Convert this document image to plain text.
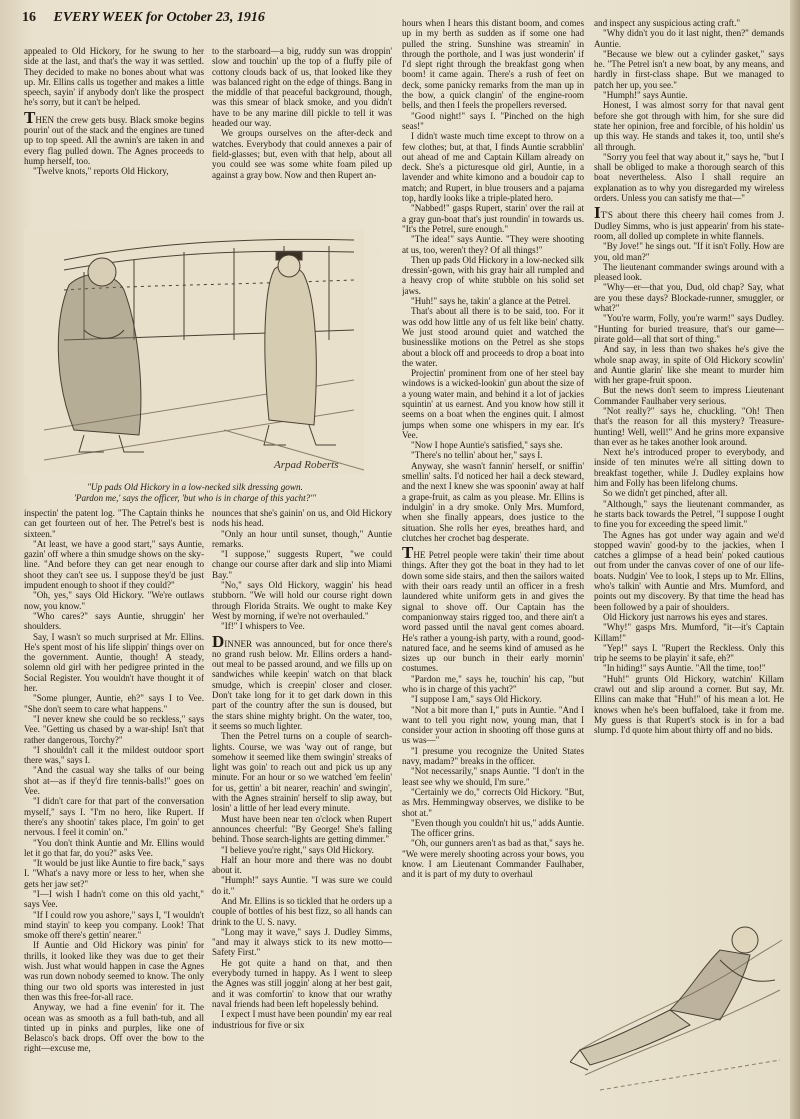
16 EVERY WEEK for October 23, 1916

appealed to Old Hickory, for he swung to her side at the last, and that's the way it was settled. They decided to make no bones about what was up. Mr. Ellins calls us together and makes a little speech, sayin' if anybody don't like the prospect he's sorry, but it can't be helped.

THEN the crew gets busy. Black smoke begins pourin' out of the stack and the engines are tuned up to top speed. All the awnin's are taken in and every flag pulled down. The Agnes proceeds to hump herself, too.

"Twelve knots," reports Old Hickory,

to the starboard—a big, ruddy sun was droppin' slow and touchin' up the top of a fluffy pile of cottony clouds back of us, that looked like they was balanced right on the edge of things. Bang in the middle of that peaceful background, though, was this smear of black smoke, and you didn't have to be any marine dill pickle to tell it was headed our way.

We groups ourselves on the after-deck and watches. Everybody that could annexes a pair of field-glasses; but, even with that help, about all you could see was some white foam piled up against a gray bow. Now and then Rupert an-

Arpad Roberts
"Up pads Old Hickory in a low-necked silk dressing gown.
'Pardon me,' says the officer, 'but who is in charge of this yacht?'"

inspectin' the patent log. "The Captain thinks he can get fourteen out of her. The Petrel's best is sixteen."

"At least, we have a good start," says Auntie, gazin' off where a thin smudge shows on the sky-line. "And before they can get near enough to shoot they can't see us. I suppose they'd be just impudent enough to shoot if they could?"

"Oh, yes," says Old Hickory. "We're outlaws now, you know."

"Who cares?" says Auntie, shruggin' her shoulders.

Say, I wasn't so much surprised at Mr. Ellins. He's spent most of his life slippin' things over on the government. Auntie, though! A steady, solemn old girl with her pedigree printed in the Social Register. You wouldn't have thought it of her.

"Some plunger, Auntie, eh?" says I to Vee. "She don't seem to care what happens."

"I never knew she could be so reckless," says Vee. "Getting us chased by a war-ship! Isn't that rather dangerous, Torchy?"

"I shouldn't call it the mildest outdoor sport there was," says I.

"And the casual way she talks of our being shot at—as if they'd fire tennis-balls!" goes on Vee.

"I didn't care for that part of the conversation myself," says I. "I'm no hero, like Rupert. If there's any shootin' takes place, I'm goin' to get nervous. I feel it comin' on."

"You don't think Auntie and Mr. Ellins would let it go that far, do you?" asks Vee.

"It would be just like Auntie to fire back," says I. "What's a navy more or less to her, when she gets her jaw set?"

"I—I wish I hadn't come on this old yacht," says Vee.

"If I could row you ashore," says I, "I wouldn't mind stayin' to keep you company. Look! That smoke off there's gettin' nearer."

If Auntie and Old Hickory was pinin' for thrills, it looked like they was due to get their wish. Just what would happen in case the Agnes was run down nobody seemed to know. The only thing our two old sports was interested in just then was this free-for-all race.

Anyway, we had a fine evenin' for it. The ocean was as smooth as a full bath-tub, and all tinted up in pinks and purples, like one of Belasco's back drops. Off over the bow to the right—excuse me,

nounces that she's gainin' on us, and Old Hickory nods his head.

"Only an hour until sunset, though," Auntie remarks.

"I suppose," suggests Rupert, "we could change our course after dark and slip into Miami Bay."

"No," says Old Hickory, waggin' his head stubborn. "We will hold our course right down through Florida Straits. We ought to make Key West by morning, if we're not overhauled."

"If!" I whispers to Vee.

DINNER was announced, but for once there's no grand rush below. Mr. Ellins orders a hand-out meal to be passed around, and we fills up on sandwiches while keepin' watch on that black smudge, which is creepin' closer and closer. Don't take long for it to get dark down in this part of the country after the sun is doused, but the stars shine mighty bright. On the water, too, it seems so much lighter.

Then the Petrel turns on a couple of search-lights. Course, we was 'way out of range, but somehow it seemed like them swingin' streaks of light was goin' to reach out and pick us up any minute. For an hour or so we watched 'em feelin' for us, gettin' a bit nearer, reachin' and swingin', with the Agnes strainin' herself to slip away, but losin' a little of her lead every minute.

Must have been near ten o'clock when Rupert announces cheerful: "By George! She's falling behind. Those search-lights are getting dimmer."

"I believe you're right," says Old Hickory.

Half an hour more and there was no doubt about it.

"Humph!" says Auntie. "I was sure we could do it."

And Mr. Ellins is so tickled that he orders up a couple of bottles of his best fizz, so all hands can drink to the U. S. navy.

"Long may it wave," says J. Dudley Simms, "and may it always stick to its new motto—Safety First."

He got quite a hand on that, and then everybody turned in happy. As I went to sleep the Agnes was still joggin' along at her best gait, and it was comfortin' to know that our wrathy naval friends had been left hopelessly behind.

I expect I must have been poundin' my ear real industrious for five or six

hours when I hears this distant boom, and comes up in my berth as sudden as if some one had pulled the string. Sunshine was streamin' in through the porthole, and I was just wonderin' if I'd slept right through the breakfast gong when boom! it came again. There's a rush of feet on deck, some panicky remarks from the man up in the bow, a quick clangin' of the engine-room bells, and then I feels the propellers reversed.

"Good night!" says I. "Pinched on the high seas!"

I didn't waste much time except to throw on a few clothes; but, at that, I finds Auntie scrabblin' out ahead of me and Captain Killam already on deck. She's a picturesque old girl, Auntie, in a lavender and white kimono and a boudoir cap to match; and Rupert, in blue trousers and a pajama top, hardly looks like a triple-plated hero.

"Nabbed!" gasps Rupert, starin' over the rail at a gray gun-boat that's just roundin' in towards us. "It's the Petrel, sure enough."

"The idea!" says Auntie. "They were shooting at us, too, weren't they? Of all things!"

Then up pads Old Hickory in a low-necked silk dressin'-gown, with his gray hair all rumpled and a heavy crop of white stubble on his solid set jaws.

"Huh!" says he, takin' a glance at the Petrel.

That's about all there is to be said, too. For it was odd how little any of us felt like bein' chatty. We just stood around quiet and watched the businesslike motions on the Petrel as she stops about a block off and proceeds to drop a boat into the water.

Projectin' prominent from one of her steel bay windows is a wicked-lookin' gun about the size of a young water main, and behind it a lot of jackies squintin' at us earnest. And you know how still it seems on a boat when the engines quit. I almost jumps when some one whispers in my ear. It's Vee.

"Now I hope Auntie's satisfied," says she.

"There's no tellin' about her," says I.

Anyway, she wasn't fannin' herself, or sniffin' smellin' salts. I'd noticed her hail a deck steward, and the next I knew she was spoonin' away at half a grape-fruit, as calm as you please. Mr. Ellins is indulgin' in a dry smoke. Only Mrs. Mumford, when she finally appears, does justice to the situation. She rolls her eyes, breathes hard, and clutches her crochet bag desperate.

THE Petrel people were takin' their time about things. After they got the boat in they had to let down some side stairs, and then the sailors waited with their oars ready until an officer in a fresh laundered white uniform gets in and gives the signal to shove off. Our Captain has the companionway stairs rigged too, and there ain't a word passed until the naval gent comes aboard. He's rather a young-ish party, with a round, good-natured face, and he seems kind of amused as he sizes up our bunch in their early mornin' costumes.

"Pardon me," says he, touchin' his cap, "but who is in charge of this yacht?"

"I suppose I am," says Old Hickory.

"Not a bit more than I," puts in Auntie. "And I want to tell you right now, young man, that I consider your action in shooting off those guns at us was—"

"I presume you recognize the United States navy, madam?" breaks in the officer.

"Not necessarily," snaps Auntie. "I don't in the least see why we should, I'm sure."

"Certainly we do," corrects Old Hickory. "But, as Mrs. Hemmingway observes, we dislike to be shot at."

"Even though you couldn't hit us," adds Auntie.

The officer grins.

"Oh, our gunners aren't as bad as that," says he. "We were merely shooting across your bows, you know. I am Lieutenant Commander Faulhaber, and it is part of my duty to overhaul

and inspect any suspicious acting craft."

"Why didn't you do it last night, then?" demands Auntie.

"Because we blew out a cylinder gasket," says he. "The Petrel isn't a new boat, by any means, and hardly in first-class shape. But we managed to patch her up, you see."

"Humph!" says Auntie.

Honest, I was almost sorry for that naval gent before she got through with him, for she sure did state her opinion, free and forcible, of his holdin' us up this way. He stands and takes it, too, until she's all through.

"Sorry you feel that way about it," says he, "but I shall be obliged to make a thorough search of this boat nevertheless. Also I shall require an explanation as to why you disregarded my wireless orders. Unless you can satisfy me that—"

IT'S about there this cheery hail comes from J. Dudley Simms, who is just appearin' from his state-room, all dolled up complete in white flannels.

"By Jove!" he sings out. "If it isn't Folly. How are you, old man?"

The lieutenant commander swings around with a pleased look.

"Why—er—that you, Dud, old chap? Say, what are you these days? Blockade-runner, smuggler, or what?"

"You're warm, Folly, you're warm!" says Dudley. "Hunting for buried treasure, that's our game—pirate gold—all that sort of thing."

And say, in less than two shakes he's give the whole snap away, in spite of Old Hickory scowlin' and Auntie glarin' like she meant to murder him with her grape-fruit spoon.

But the news don't seem to impress Lieutenant Commander Faulhaber very serious.

"Not really?" says he, chuckling. "Oh! Then that's the reason for all this mystery? Treasure-hunting! Well, well!" And he grins more expansive than ever as he takes another look around.

Next he's introduced proper to everybody, and inside of ten minutes we're all sitting down to breakfast together, while J. Dudley explains how him and Folly has been lifelong chums.

So we didn't get pinched, after all.

"Although," says the lieutenant commander, as he starts back towards the Petrel, "I suppose I ought to fine you for exceeding the speed limit."

The Agnes has got under way again and we'd stopped wavin' good-by to the jackies, when I catches a glimpse of a head bein' poked cautious out from under the canvas cover of one of our life-boats. Nudgin' Vee to look, I steps up to Mr. Ellins, who's talkin' with Auntie and Mrs. Mumford, and points out my discovery. By that time the head has been followed by a pair of shoulders.

Old Hickory just narrows his eyes and stares.

"Why!" gasps Mrs. Mumford, "it—it's Captain Killam!"

"Yep!" says I. "Rupert the Reckless. Only this trip he seems to be playin' it safe, eh?"

"In hiding!" says Auntie. "All the time, too!"

"Huh!" grunts Old Hickory, watchin' Killam crawl out and slip around a corner. But say, Mr. Ellins can make that "Huh!" of his mean a lot. He knows when he's been buffaloed, take it from me. My guess is that Rupert's stock is in for a bad slump. I'd quote him about thirty off and no bids.
